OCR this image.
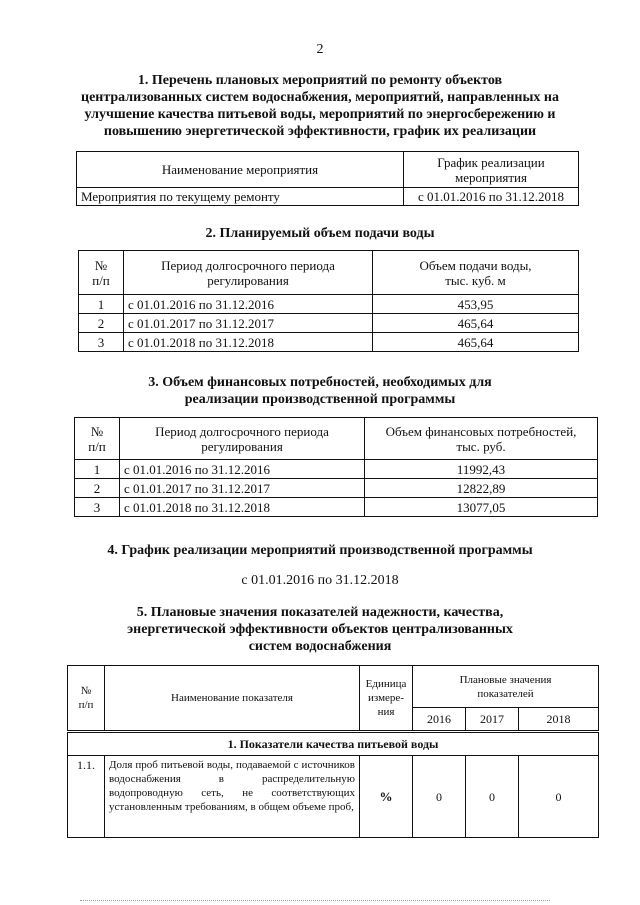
2
1. Перечень плановых мероприятий по ремонту объектов
централизованных систем водоснабжения, мероприятий, направленных на
улучшение качества питьевой воды, мероприятий по энергосбережению и
повышению энергетической эффективности, график их реализации
Наименование мероприятия	График реализации
мероприятия
Мероприятия по текущему ремонту	с 01.01.2016 по 31.12.2018
2. Планируемый объем подачи воды
№
п/п	Период долгосрочного периода
регулирования	Объем подачи воды,
тыс. куб. м
1	с 01.01.2016 по 31.12.2016	453,95
2	с 01.01.2017 по 31.12.2017	465,64
3	с 01.01.2018 по 31.12.2018	465,64
3. Объем финансовых потребностей, необходимых для
реализации производственной программы
№
п/п	Период долгосрочного периода
регулирования	Объем финансовых потребностей,
тыс. руб.
1	с 01.01.2016 по 31.12.2016	11992,43
2	с 01.01.2017 по 31.12.2017	12822,89
3	с 01.01.2018 по 31.12.2018	13077,05
4. График реализации мероприятий производственной программы
с 01.01.2016 по 31.12.2018
5. Плановые значения показателей надежности, качества,
энергетической эффективности объектов централизованных
систем водоснабжения
№
п/п	Наименование показателя	Единица
измере-
ния	Плановые значения
показателей		
			2016	2017	2018
1. Показатели качества питьевой воды					
1.1.	Доля проб питьевой воды, подаваемой с источников водоснабжения в распределительную водопроводную сеть, не соответствующих установленным требованиям, в общем объеме проб,	%	0	0	0
